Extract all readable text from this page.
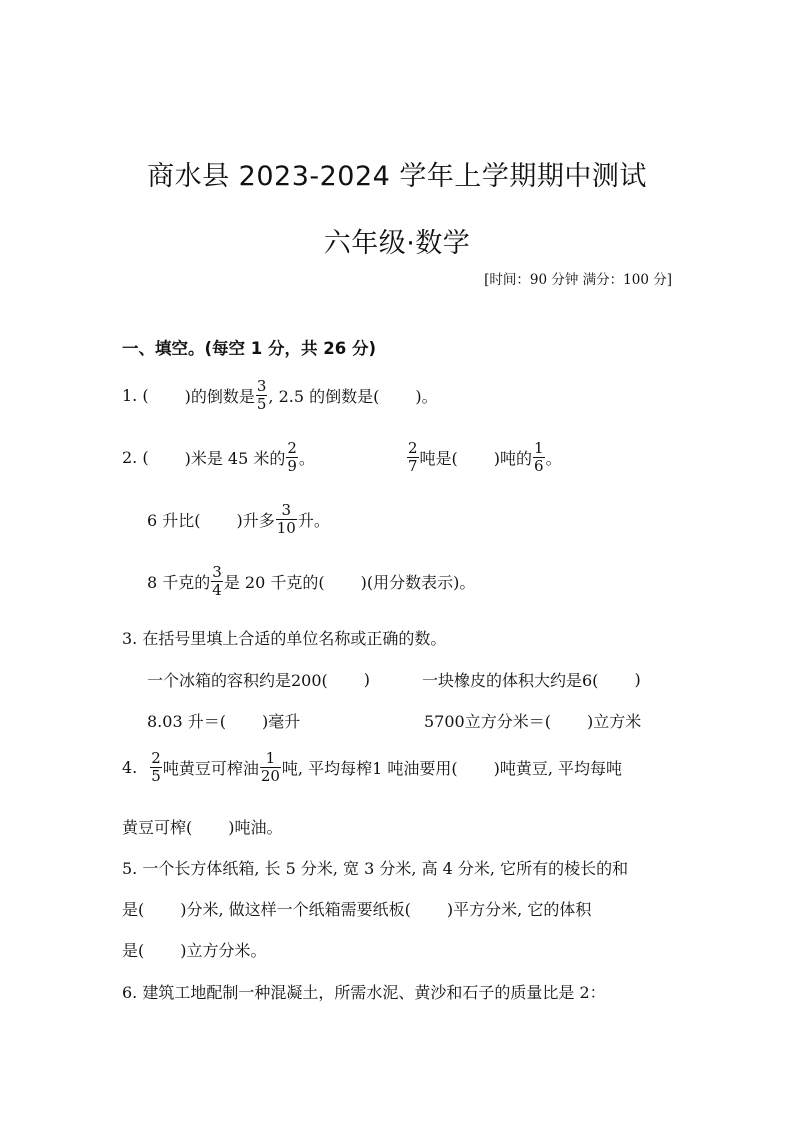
商水县 2023-2024 学年上学期期中测试
六年级·数学
[时间：90 分钟 满分：100 分]
一、填空。(每空 1 分，共 26 分)
1. ( )的倒数是 $\frac{3}{5}$ , 2.5 的倒数是( )。
2. ( )米是 45 米的 $\frac{2}{9}$ 。	$\frac{2}{7}$ 吨是( )吨的 $\frac{1}{6}$ 。
6 升比( )升多 $\frac{3}{10}$ 升。
8 千克的 $\frac{3}{4}$ 是 20 千克的( )(用分数表示)。
3. 在括号里填上合适的单位名称或正确的数。
一个冰箱的容积约是200( )	一块橡皮的体积大约是6( )
8.03 升＝( )毫升	5700立方分米＝( )立方米
4. $\frac{2}{5}$ 吨黄豆可榨油 $\frac{1}{20}$ 吨, 平均每榨1 吨油要用( )吨黄豆, 平均每吨
黄豆可榨( )吨油。
5. 一个长方体纸箱, 长 5 分米, 宽 3 分米, 高 4 分米, 它所有的棱长的和
是( )分米, 做这样一个纸箱需要纸板( )平方分米, 它的体积
是( )立方分米。
6. 建筑工地配制一种混凝土，所需水泥、黄沙和石子的质量比是 2：
